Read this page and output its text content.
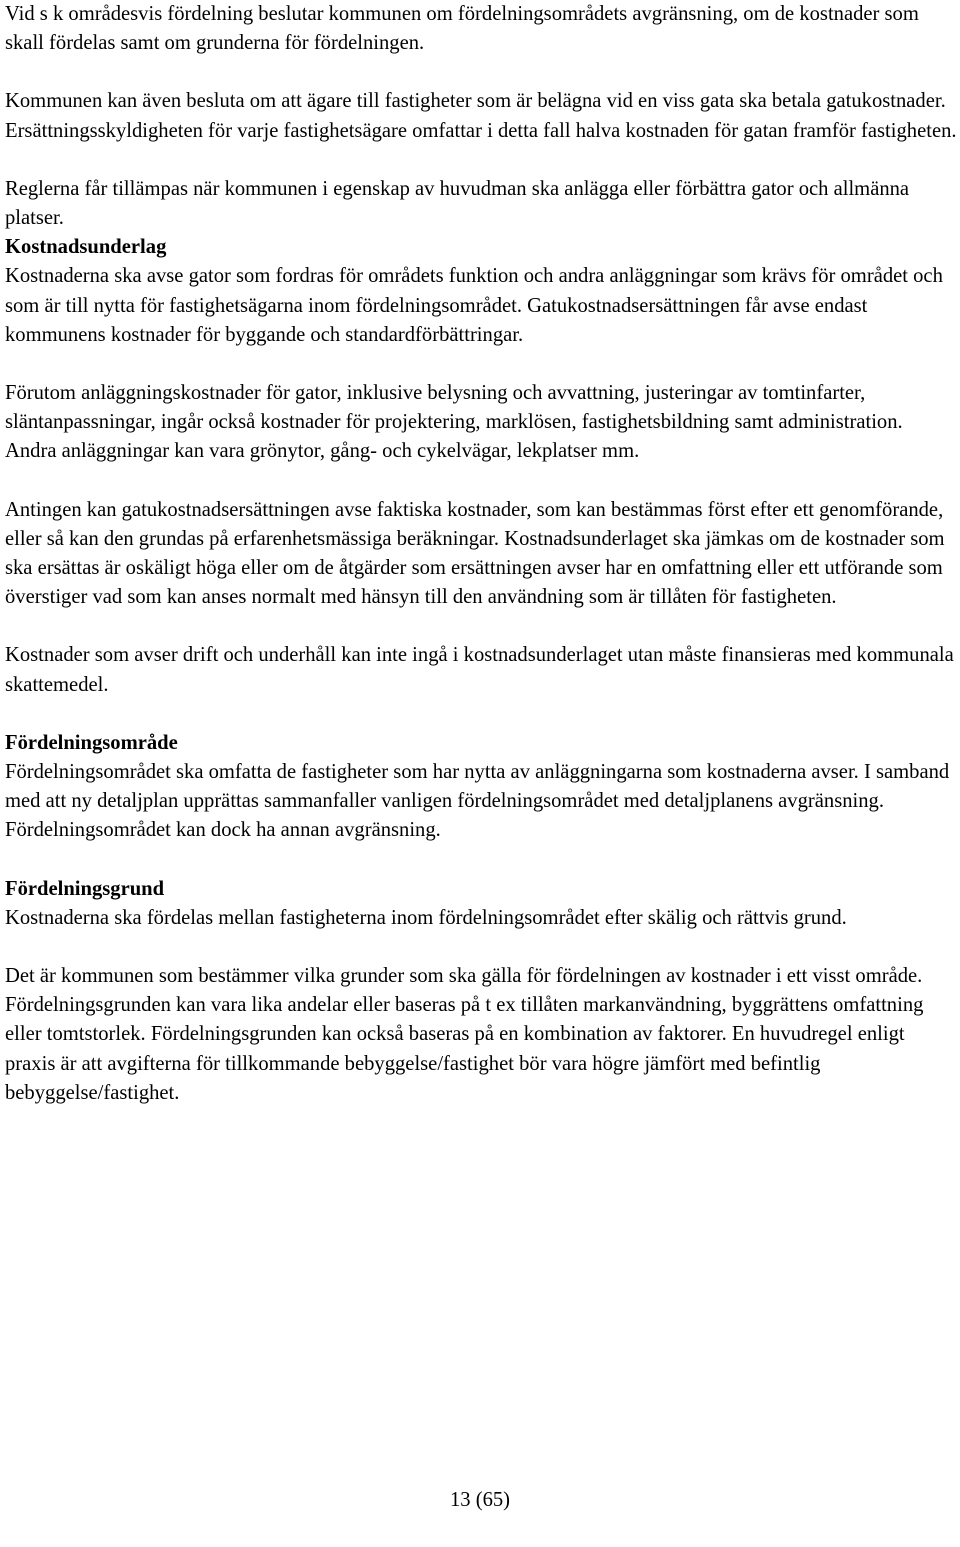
Vid s k områdesvis fördelning beslutar kommunen om fördelningsområdets avgränsning, om de kostnader som skall fördelas samt om grunderna för fördelningen.

Kommunen kan även besluta om att ägare till fastigheter som är belägna vid en viss gata ska betala gatukostnader. Ersättningsskyldigheten för varje fastighetsägare omfattar i detta fall halva kostnaden för gatan framför fastigheten.

Reglerna får tillämpas när kommunen i egenskap av huvudman ska anlägga eller förbättra gator och allmänna platser.

Kostnadsunderlag

Kostnaderna ska avse gator som fordras för områdets funktion och andra anläggningar som krävs för området och som är till nytta för fastighetsägarna inom fördelningsområdet. Gatukostnadsersättningen får avse endast kommunens kostnader för byggande och standardförbättringar.

Förutom anläggningskostnader för gator, inklusive belysning och avvattning, justeringar av tomtinfarter, släntanpassningar, ingår också kostnader för projektering, marklösen, fastighetsbildning samt administration. Andra anläggningar kan vara grönytor, gång- och cykelvägar, lekplatser mm.

Antingen kan gatukostnadsersättningen avse faktiska kostnader, som kan bestämmas först efter ett genomförande, eller så kan den grundas på erfarenhetsmässiga beräkningar. Kostnadsunderlaget ska jämkas om de kostnader som ska ersättas är oskäligt höga eller om de åtgärder som ersättningen avser har en omfattning eller ett utförande som överstiger vad som kan anses normalt med hänsyn till den användning som är tillåten för fastigheten.

Kostnader som avser drift och underhåll kan inte ingå i kostnadsunderlaget utan måste finansieras med kommunala skattemedel.

Fördelningsområde

Fördelningsområdet ska omfatta de fastigheter som har nytta av anläggningarna som kostnaderna avser. I samband med att ny detaljplan upprättas sammanfaller vanligen fördelningsområdet med detaljplanens avgränsning. Fördelningsområdet kan dock ha annan avgränsning.

Fördelningsgrund

Kostnaderna ska fördelas mellan fastigheterna inom fördelningsområdet efter skälig och rättvis grund.

Det är kommunen som bestämmer vilka grunder som ska gälla för fördelningen av kostnader i ett visst område. Fördelningsgrunden kan vara lika andelar eller baseras på t ex tillåten markanvändning, byggrättens omfattning eller tomtstorlek. Fördelningsgrunden kan också baseras på en kombination av faktorer. En huvudregel enligt praxis är att avgifterna för tillkommande bebyggelse/fastighet bör vara högre jämfört med befintlig bebyggelse/fastighet.

13 (65)
